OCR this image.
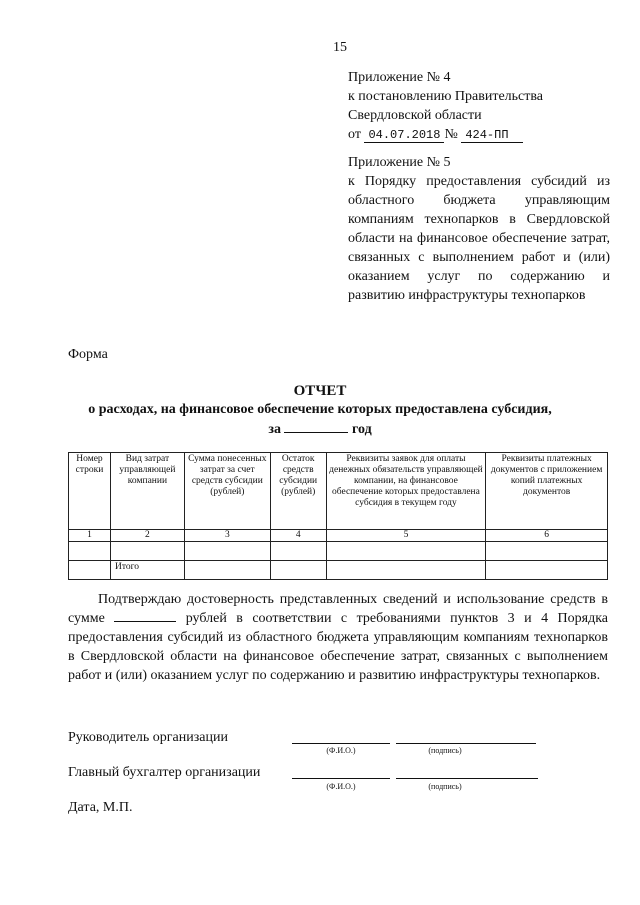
15

Приложение № 4

к постановлению Правительства

Свердловской области

от 04.07.2018 № 424-ПП

Приложение № 5

к Порядку предоставления субсидий из областного бюджета управляющим компаниям технопарков в Свердловской области на финансовое обеспечение затрат, связанных с выполнением работ и (или) оказанием услуг по содержанию и развитию инфраструктуры технопарков

Форма
ОТЧЕТ
о расходах, на финансовое обеспечение которых предоставлена субсидия,
за	год
Номер строки	Вид затрат управляющей компании	Сумма понесенных затрат за счет средств субсидии (рублей)	Остаток средств субсидии (рублей)	Реквизиты заявок для оплаты денежных обязательств управляющей компании, на финансовое обеспечение которых предоставлена субсидия в текущем году	Реквизиты платежных документов с приложением копий платежных документов
1	2	3	4	5	6

	Итого				

Подтверждаю достоверность представленных сведений и использование средств в сумме	рублей в соответствии с требованиями пунктов 3 и 4 Порядка предоставления субсидий из областного бюджета управляющим компаниям технопарков в Свердловской области на финансовое обеспечение затрат, связанных с выполнением работ и (или) оказанием услуг по содержанию и развитию инфраструктуры технопарков.

Руководитель организации
(Ф.И.О.)	(подпись)
Главный бухгалтер организации
(Ф.И.О.)	(подпись)
Дата, М.П.
